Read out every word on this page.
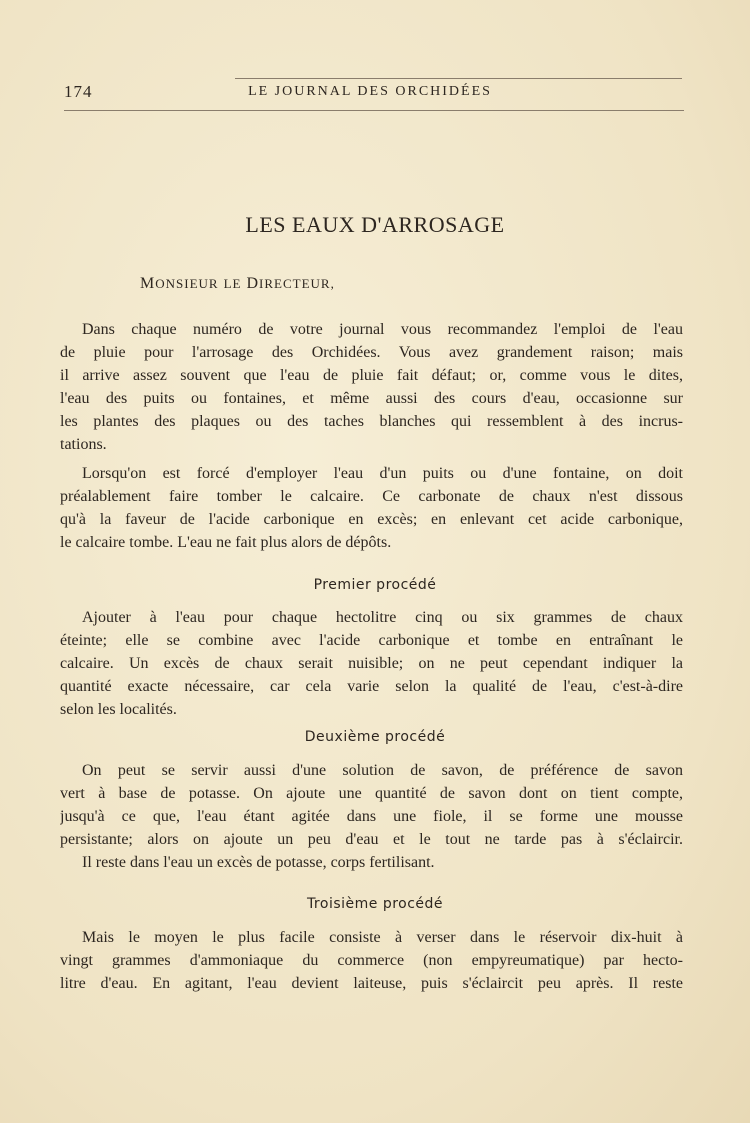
174	LE JOURNAL DES ORCHIDÉES
LES EAUX D'ARROSAGE
MONSIEUR LE DIRECTEUR,
Dans chaque numéro de votre journal vous recommandez l'emploi de l'eau
de pluie pour l'arrosage des Orchidées. Vous avez grandement raison; mais
il arrive assez souvent que l'eau de pluie fait défaut; or, comme vous le dites,
l'eau des puits ou fontaines, et même aussi des cours d'eau, occasionne sur
les plantes des plaques ou des taches blanches qui ressemblent à des incrus-
tations.
Lorsqu'on est forcé d'employer l'eau d'un puits ou d'une fontaine, on doit
préalablement faire tomber le calcaire. Ce carbonate de chaux n'est dissous
qu'à la faveur de l'acide carbonique en excès; en enlevant cet acide carbonique,
le calcaire tombe. L'eau ne fait plus alors de dépôts.
Premier procédé
Ajouter à l'eau pour chaque hectolitre cinq ou six grammes de chaux
éteinte; elle se combine avec l'acide carbonique et tombe en entraînant le
calcaire. Un excès de chaux serait nuisible; on ne peut cependant indiquer la
quantité exacte nécessaire, car cela varie selon la qualité de l'eau, c'est-à-dire
selon les localités.
Deuxième procédé
On peut se servir aussi d'une solution de savon, de préférence de savon
vert à base de potasse. On ajoute une quantité de savon dont on tient compte,
jusqu'à ce que, l'eau étant agitée dans une fiole, il se forme une mousse
persistante; alors on ajoute un peu d'eau et le tout ne tarde pas à s'éclaircir.
Il reste dans l'eau un excès de potasse, corps fertilisant.
Troisième procédé
Mais le moyen le plus facile consiste à verser dans le réservoir dix-huit à
vingt grammes d'ammoniaque du commerce (non empyreumatique) par hecto-
litre d'eau. En agitant, l'eau devient laiteuse, puis s'éclaircit peu après. Il reste
